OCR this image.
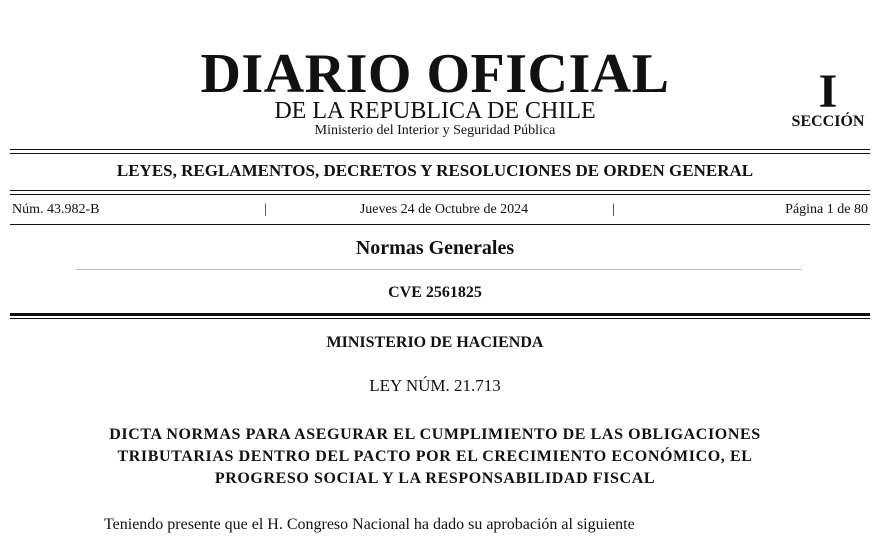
DIARIO OFICIAL
DE LA REPUBLICA DE CHILE
Ministerio del Interior y Seguridad Pública
I
SECCIÓN
LEYES, REGLAMENTOS, DECRETOS Y RESOLUCIONES DE ORDEN GENERAL
Núm. 43.982-B	|	Jueves 24 de Octubre de 2024	|	Página 1 de 80
Normas Generales
CVE 2561825
MINISTERIO DE HACIENDA
LEY NÚM. 21.713
DICTA NORMAS PARA ASEGURAR EL CUMPLIMIENTO DE LAS OBLIGACIONES
TRIBUTARIAS DENTRO DEL PACTO POR EL CRECIMIENTO ECONÓMICO, EL
PROGRESO SOCIAL Y LA RESPONSABILIDAD FISCAL
Teniendo presente que el H. Congreso Nacional ha dado su aprobación al siguiente
